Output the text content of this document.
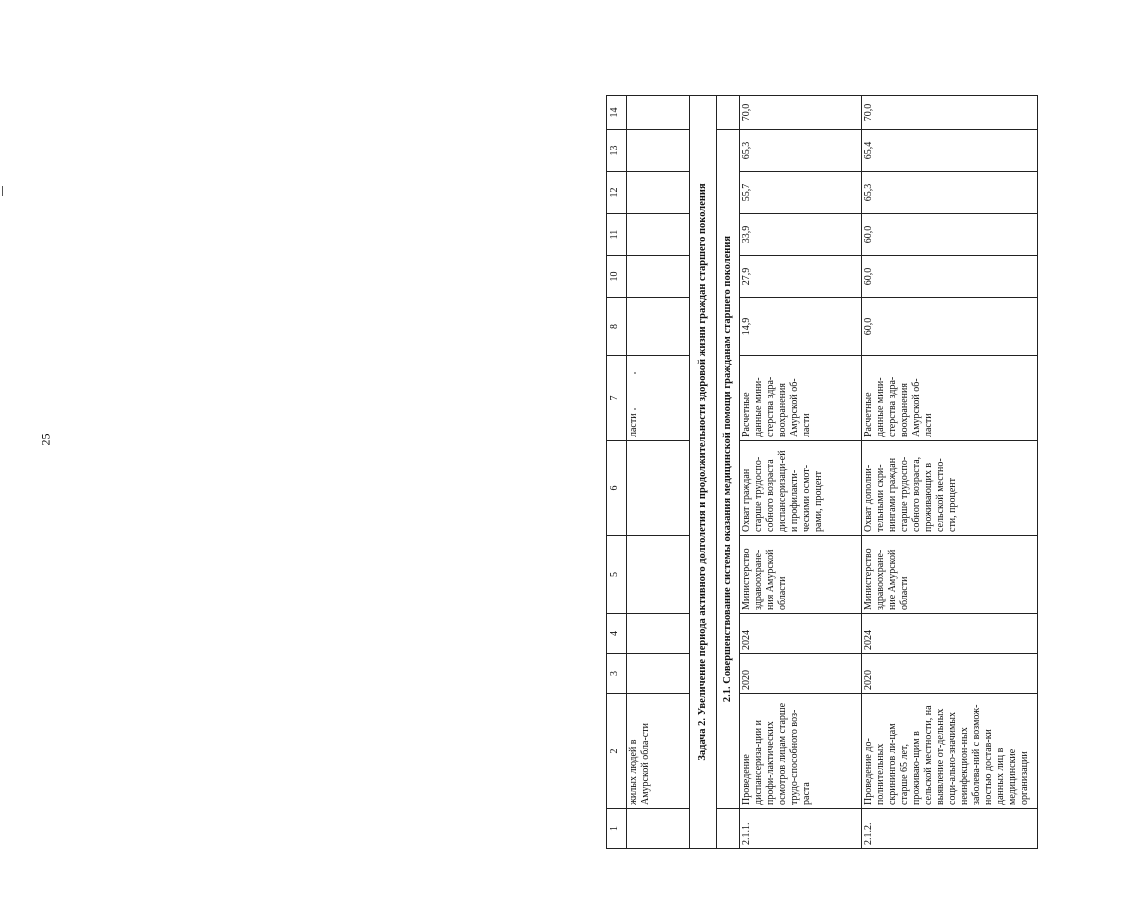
25
1	2	3	4	5	6	7	8	10	11	12	13	14
	жилых людей в Амурской обла-сти					ласти						
Задача 2. Увеличение периода активного долголетия и продолжительности здоровой жизни граждан старшего поколения												
	2.1. Совершенствование системы оказания медицинской помощи гражданам старшего поколения											
2.1.1.	Проведение диспансериза-ции и профи-лактических осмотров лицам старше трудо-способного воз-раста	2020	2024	Министерство здравоохране-ния Амурской области	Охват граждан старше трудоспо-собного возраста диспансеризаци-ей и профилакти-ческими осмот-рами, процент	Расчетные данные мини-стерства здра-воохранения Амурской об-ласти	14,9	27,9	33,9	55,7	65,3	70,0
2.1.2.	Проведение до-полнительных скринингов ли-цам старше 65 лет, проживаю-щим в сельской местности, на выявление от-дельных соци-ально-значимых неинфекцион-ных заболева-ний с возмож-ностью достав-ки данных лиц в медицинские организации	2020	2024	Министерство здравоохране-ние Амурской области	Охват дополни-тельными скри-нингами граждан старше трудоспо-собного возраста, проживающих в сельской местно-сти, процент	Расчетные данные мини-стерства здра-воохранения Амурской об-ласти	60,0	60,0	60,0	65,3	65,4	70,0
